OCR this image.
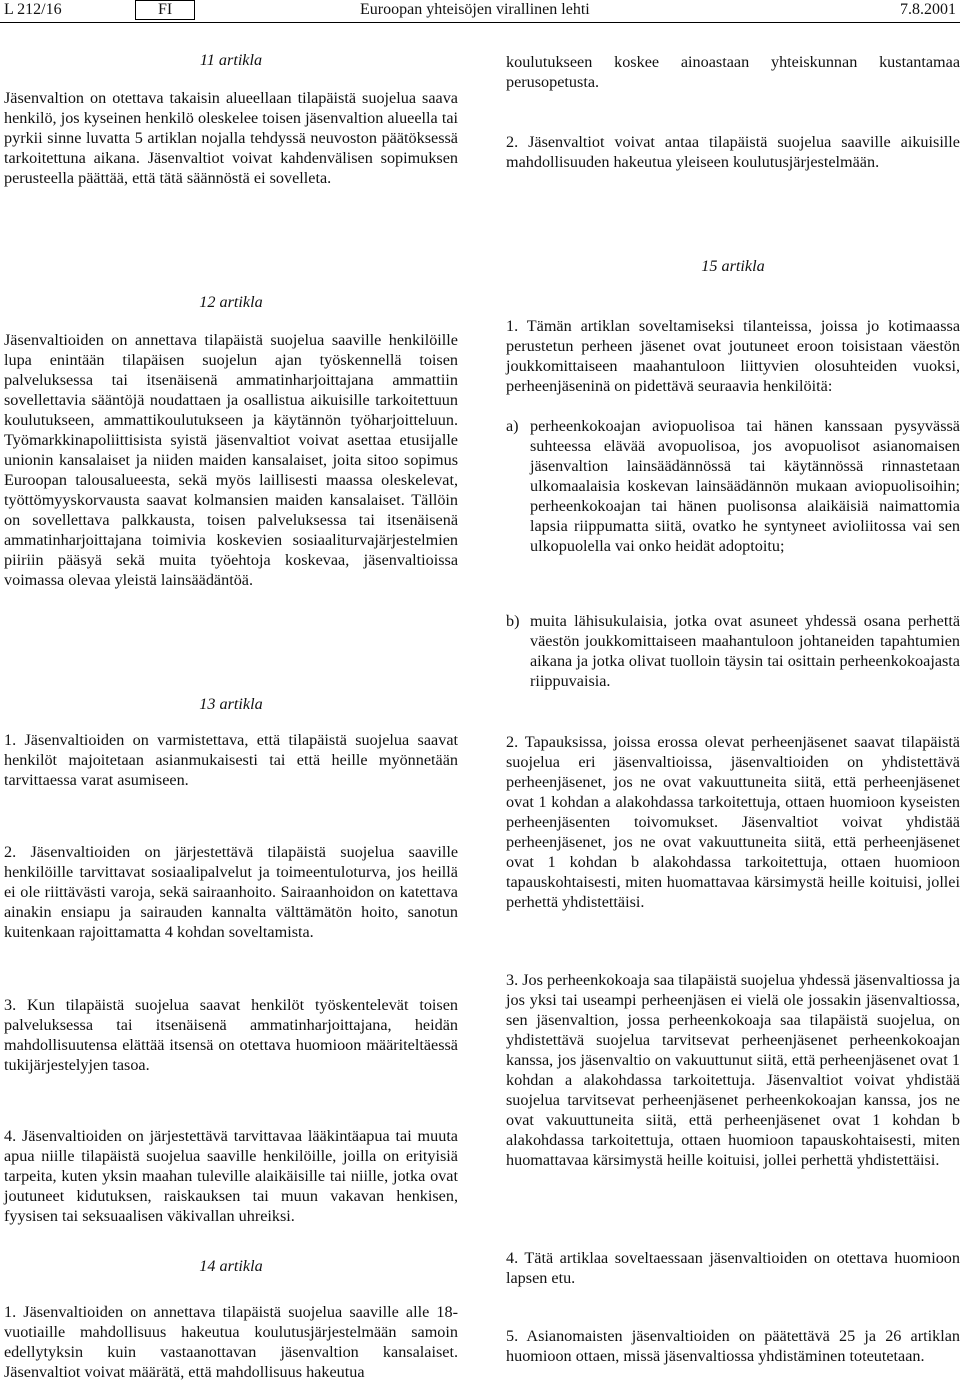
L 212/16	FI	Euroopan yhteisöjen virallinen lehti	7.8.2001

11 artikla

Jäsenvaltion on otettava takaisin alueellaan tilapäistä suojelua saava henkilö, jos kyseinen henkilö oleskelee toisen jäsenvaltion alueella tai pyrkii sinne luvatta 5 artiklan nojalla tehdyssä neuvoston päätöksessä tarkoitettuna aikana. Jäsenvaltiot voivat kahdenvälisen sopimuksen perusteella päättää, että tätä säännöstä ei sovelleta.

12 artikla

Jäsenvaltioiden on annettava tilapäistä suojelua saaville henkilöille lupa enintään tilapäisen suojelun ajan työskennellä toisen palveluksessa tai itsenäisenä ammatinharjoittajana ammattiin sovellettavia sääntöjä noudattaen ja osallistua aikuisille tarkoitettuun koulutukseen, ammattikoulutukseen ja käytännön työharjoitteluun. Työmarkkinapoliittisista syistä jäsenvaltiot voivat asettaa etusijalle unionin kansalaiset ja niiden maiden kansalaiset, joita sitoo sopimus Euroopan talousalueesta, sekä myös laillisesti maassa oleskelevat, työttömyyskorvausta saavat kolmansien maiden kansalaiset. Tällöin on sovellettava palkkausta, toisen palveluksessa tai itsenäisenä ammatinharjoittajana toimivia koskevien sosiaaliturvajärjestelmien piiriin pääsyä sekä muita työehtoja koskevaa, jäsenvaltioissa voimassa olevaa yleistä lainsäädäntöä.

13 artikla

1. Jäsenvaltioiden on varmistettava, että tilapäistä suojelua saavat henkilöt majoitetaan asianmukaisesti tai että heille myönnetään tarvittaessa varat asumiseen.

2. Jäsenvaltioiden on järjestettävä tilapäistä suojelua saaville henkilöille tarvittavat sosiaalipalvelut ja toimeentuloturva, jos heillä ei ole riittävästi varoja, sekä sairaanhoito. Sairaanhoidon on katettava ainakin ensiapu ja sairauden kannalta välttämätön hoito, sanotun kuitenkaan rajoittamatta 4 kohdan soveltamista.

3. Kun tilapäistä suojelua saavat henkilöt työskentelevät toisen palveluksessa tai itsenäisenä ammatinharjoittajana, heidän mahdollisuutensa elättää itsensä on otettava huomioon määriteltäessä tukijärjestelyjen tasoa.

4. Jäsenvaltioiden on järjestettävä tarvittavaa lääkintäapua tai muuta apua niille tilapäistä suojelua saaville henkilöille, joilla on erityisiä tarpeita, kuten yksin maahan tuleville alaikäisille tai niille, jotka ovat joutuneet kidutuksen, raiskauksen tai muun vakavan henkisen, fyysisen tai seksuaalisen väkivallan uhreiksi.

14 artikla

1. Jäsenvaltioiden on annettava tilapäistä suojelua saaville alle 18-vuotiaille mahdollisuus hakeutua koulutusjärjestelmään samoin edellytyksin kuin vastaanottavan jäsenvaltion kansalaiset. Jäsenvaltiot voivat määrätä, että mahdollisuus hakeutua

koulutukseen koskee ainoastaan yhteiskunnan kustantamaa perusopetusta.

2. Jäsenvaltiot voivat antaa tilapäistä suojelua saaville aikuisille mahdollisuuden hakeutua yleiseen koulutusjärjestelmään.

15 artikla

1. Tämän artiklan soveltamiseksi tilanteissa, joissa jo kotimaassa perustetun perheen jäsenet ovat joutuneet eroon toisistaan väestön joukkomittaiseen maahantuloon liittyvien olosuhteiden vuoksi, perheenjäseninä on pidettävä seuraavia henkilöitä:

a) perheenkokoajan aviopuolisoa tai hänen kanssaan pysyvässä suhteessa elävää avopuolisoa, jos avopuolisot asianomaisen jäsenvaltion lainsäädännössä tai käytännössä rinnastetaan ulkomaalaisia koskevan lainsäädännön mukaan aviopuolisoihin; perheenkokoajan tai hänen puolisonsa alaikäisiä naimattomia lapsia riippumatta siitä, ovatko he syntyneet avioliitossa vai sen ulkopuolella vai onko heidät adoptoitu;

b) muita lähisukulaisia, jotka ovat asuneet yhdessä osana perhettä väestön joukkomittaiseen maahantuloon johtaneiden tapahtumien aikana ja jotka olivat tuolloin täysin tai osittain perheenkokoajasta riippuvaisia.

2. Tapauksissa, joissa erossa olevat perheenjäsenet saavat tilapäistä suojelua eri jäsenvaltioissa, jäsenvaltioiden on yhdistettävä perheenjäsenet, jos ne ovat vakuuttuneita siitä, että perheenjäsenet ovat 1 kohdan a alakohdassa tarkoitettuja, ottaen huomioon kyseisten perheenjäsenten toivomukset. Jäsenvaltiot voivat yhdistää perheenjäsenet, jos ne ovat vakuuttuneita siitä, että perheenjäsenet ovat 1 kohdan b alakohdassa tarkoitettuja, ottaen huomioon tapauskohtaisesti, miten huomattavaa kärsimystä heille koituisi, jollei perhettä yhdistettäisi.

3. Jos perheenkokoaja saa tilapäistä suojelua yhdessä jäsenvaltiossa ja jos yksi tai useampi perheenjäsen ei vielä ole jossakin jäsenvaltiossa, sen jäsenvaltion, jossa perheenkokoaja saa tilapäistä suojelua, on yhdistettävä suojelua tarvitsevat perheenjäsenet perheenkokoajan kanssa, jos jäsenvaltio on vakuuttunut siitä, että perheenjäsenet ovat 1 kohdan a alakohdassa tarkoitettuja. Jäsenvaltiot voivat yhdistää suojelua tarvitsevat perheenjäsenet perheenkokoajan kanssa, jos ne ovat vakuuttuneita siitä, että perheenjäsenet ovat 1 kohdan b alakohdassa tarkoitettuja, ottaen huomioon tapauskohtaisesti, miten huomattavaa kärsimystä heille koituisi, jollei perhettä yhdistettäisi.

4. Tätä artiklaa soveltaessaan jäsenvaltioiden on otettava huomioon lapsen etu.

5. Asianomaisten jäsenvaltioiden on päätettävä 25 ja 26 artiklan huomioon ottaen, missä jäsenvaltiossa yhdistäminen toteutetaan.
